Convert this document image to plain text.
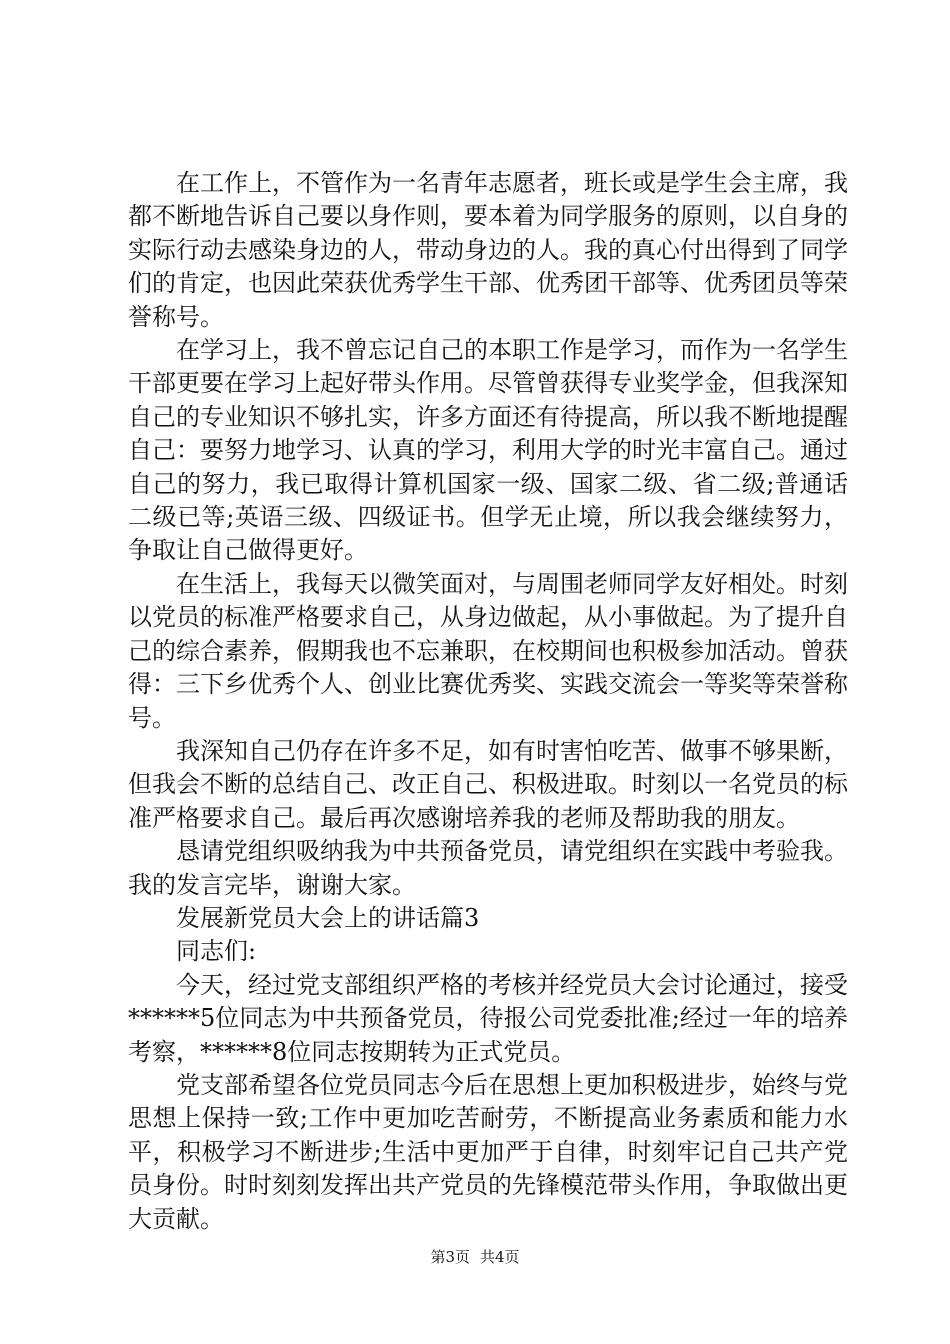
在工作上，不管作为一名青年志愿者，班长或是学生会主席，我都不断地告诉自己要以身作则，要本着为同学服务的原则，以自身的实际行动去感染身边的人，带动身边的人。我的真心付出得到了同学们的肯定，也因此荣获优秀学生干部、优秀团干部等、优秀团员等荣誉称号。

在学习上，我不曾忘记自己的本职工作是学习，而作为一名学生干部更要在学习上起好带头作用。尽管曾获得专业奖学金，但我深知自己的专业知识不够扎实，许多方面还有待提高，所以我不断地提醒自己：要努力地学习、认真的学习，利用大学的时光丰富自己。通过自己的努力，我已取得计算机国家一级、国家二级、省二级;普通话二级已等;英语三级、四级证书。但学无止境，所以我会继续努力，争取让自己做得更好。

在生活上，我每天以微笑面对，与周围老师同学友好相处。时刻以党员的标准严格要求自己，从身边做起，从小事做起。为了提升自己的综合素养，假期我也不忘兼职，在校期间也积极参加活动。曾获得：三下乡优秀个人、创业比赛优秀奖、实践交流会一等奖等荣誉称号。

我深知自己仍存在许多不足，如有时害怕吃苦、做事不够果断，但我会不断的总结自己、改正自己、积极进取。时刻以一名党员的标准严格要求自己。最后再次感谢培养我的老师及帮助我的朋友。

恳请党组织吸纳我为中共预备党员，请党组织在实践中考验我。我的发言完毕，谢谢大家。

发展新党员大会上的讲话篇3

同志们:

今天，经过党支部组织严格的考核并经党员大会讨论通过，接受******5位同志为中共预备党员，待报公司党委批准;经过一年的培养考察，******8位同志按期转为正式党员。

党支部希望各位党员同志今后在思想上更加积极进步，始终与党思想上保持一致;工作中更加吃苦耐劳，不断提高业务素质和能力水平，积极学习不断进步;生活中更加严于自律，时刻牢记自己共产党员身份。时时刻刻发挥出共产党员的先锋模范带头作用，争取做出更大贡献。

第3页 共4页
